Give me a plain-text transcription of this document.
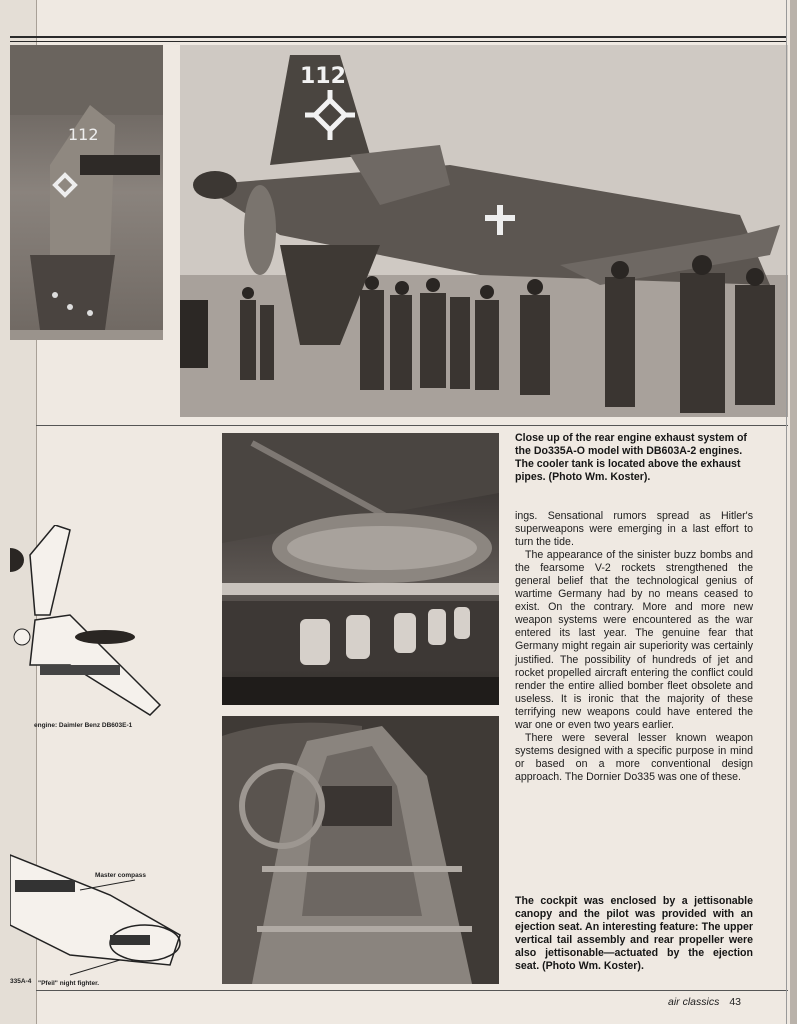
112
112
engine: Daimler Benz DB603E-1
Master compass
335A-4 "Pfeil" night fighter.
Close up of the rear engine exhaust system of the Do335A-O model with DB603A-2 engines. The cooler tank is located above the exhaust pipes. (Photo Wm. Koster).

ings. Sensational rumors spread as Hitler's superweapons were emerging in a last effort to turn the tide.

The appearance of the sinister buzz bombs and the fearsome V-2 rockets strengthened the general belief that the technological genius of wartime Germany had by no means ceased to exist. On the contrary. More and more new weapon systems were encountered as the war entered its last year. The genuine fear that Germany might regain air superiority was certainly justified. The possibility of hundreds of jet and rocket propelled aircraft entering the conflict could render the entire allied bomber fleet obsolete and useless. It is ironic that the majority of these terrifying new weapons could have entered the war one or even two years earlier.

There were several lesser known weapon systems designed with a specific purpose in mind or based on a more conventional design approach. The Dornier Do335 was one of these.

The cockpit was enclosed by a jettisonable canopy and the pilot was provided with an ejection seat. An interesting feature: The upper vertical tail assembly and rear propeller were also jettisonable—actuated by the ejection seat. (Photo Wm. Koster).
air classics 43
